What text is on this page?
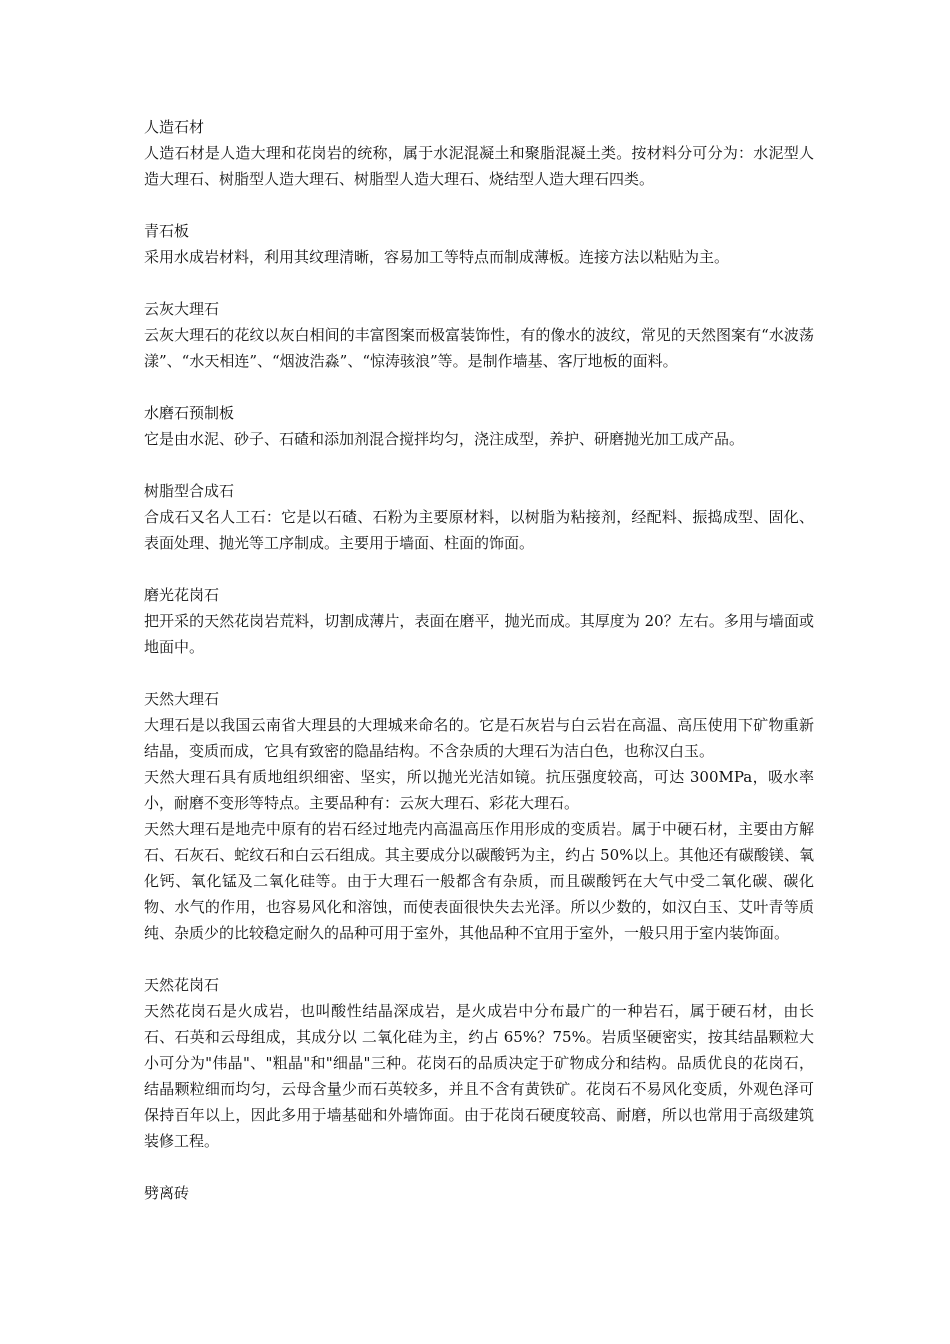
人造石材
人造石材是人造大理和花岗岩的统称，属于水泥混凝土和聚脂混凝土类。按材料分可分为：水泥型人造大理石、树脂型人造大理石、树脂型人造大理石、烧结型人造大理石四类。
青石板
采用水成岩材料，利用其纹理清晰，容易加工等特点而制成薄板。连接方法以粘贴为主。
云灰大理石
云灰大理石的花纹以灰白相间的丰富图案而极富装饰性，有的像水的波纹，常见的天然图案有“水波荡漾”、“水天相连”、“烟波浩淼”、“惊涛骇浪”等。是制作墙基、客厅地板的面料。
水磨石预制板
它是由水泥、砂子、石碴和添加剂混合搅拌均匀，浇注成型，养护、研磨抛光加工成产品。
树脂型合成石
合成石又名人工石：它是以石碴、石粉为主要原材料，以树脂为粘接剂，经配料、振捣成型、固化、表面处理、抛光等工序制成。主要用于墙面、柱面的饰面。
磨光花岗石
把开采的天然花岗岩荒料，切割成薄片，表面在磨平，抛光而成。其厚度为 20？左右。多用与墙面或地面中。
天然大理石
大理石是以我国云南省大理县的大理城来命名的。它是石灰岩与白云岩在高温、高压使用下矿物重新结晶，变质而成，它具有致密的隐晶结构。不含杂质的大理石为洁白色，也称汉白玉。
天然大理石具有质地组织细密、坚实，所以抛光光洁如镜。抗压强度较高，可达 300MPa，吸水率小，耐磨不变形等特点。主要品种有：云灰大理石、彩花大理石。
天然大理石是地壳中原有的岩石经过地壳内高温高压作用形成的变质岩。属于中硬石材，主要由方解石、石灰石、蛇纹石和白云石组成。其主要成分以碳酸钙为主，约占 50%以上。其他还有碳酸镁、氧化钙、氧化锰及二氧化硅等。由于大理石一般都含有杂质，而且碳酸钙在大气中受二氧化碳、碳化物、水气的作用，也容易风化和溶蚀，而使表面很快失去光泽。所以少数的，如汉白玉、艾叶青等质纯、杂质少的比较稳定耐久的品种可用于室外，其他品种不宜用于室外，一般只用于室内装饰面。
天然花岗石
天然花岗石是火成岩，也叫酸性结晶深成岩，是火成岩中分布最广的一种岩石，属于硬石材，由长石、石英和云母组成，其成分以 二氧化硅为主，约占 65%？75%。岩质坚硬密实，按其结晶颗粒大小可分为"伟晶"、"粗晶"和"细晶"三种。花岗石的品质决定于矿物成分和结构。品质优良的花岗石，结晶颗粒细而均匀，云母含量少而石英较多，并且不含有黄铁矿。花岗石不易风化变质，外观色泽可保持百年以上，因此多用于墙基础和外墙饰面。由于花岗石硬度较高、耐磨，所以也常用于高级建筑装修工程。
劈离砖
